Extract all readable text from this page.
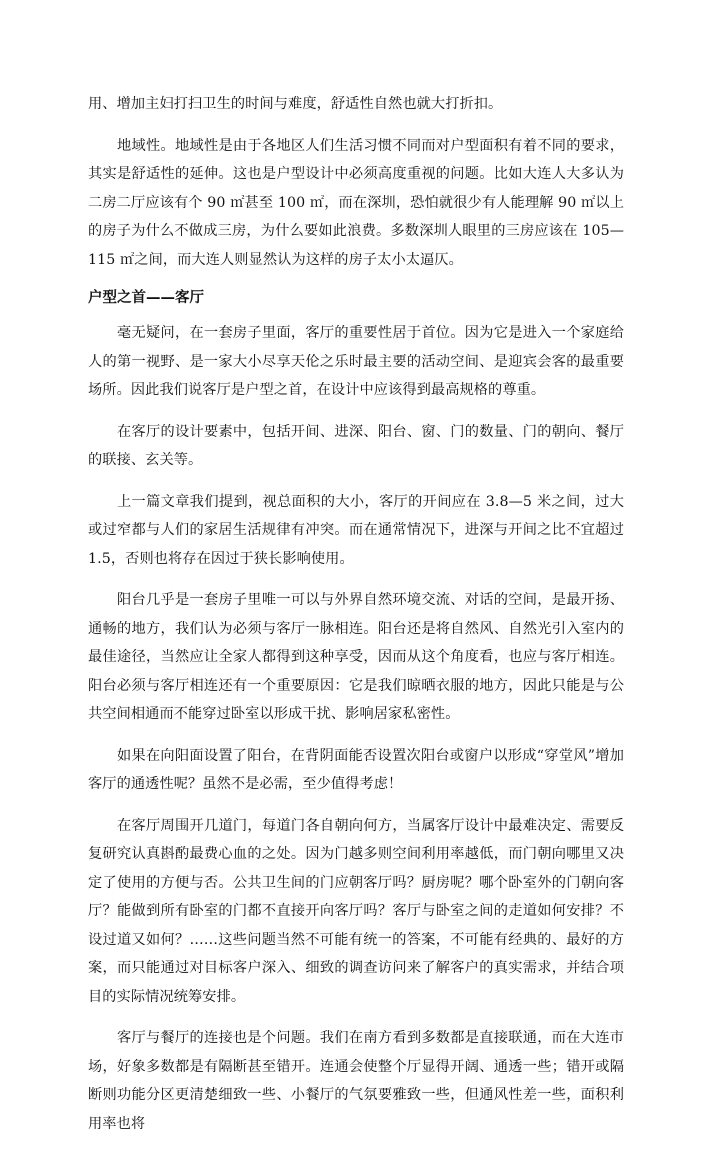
用、增加主妇打扫卫生的时间与难度，舒适性自然也就大打折扣。

地域性。地域性是由于各地区人们生活习惯不同而对户型面积有着不同的要求，其实是舒适性的延伸。这也是户型设计中必须高度重视的问题。比如大连人大多认为二房二厅应该有个 90 ㎡甚至 100 ㎡，而在深圳，恐怕就很少有人能理解 90 ㎡以上的房子为什么不做成三房，为什么要如此浪费。多数深圳人眼里的三房应该在 105—115 ㎡之间，而大连人则显然认为这样的房子太小太逼仄。

户型之首——客厅

毫无疑问，在一套房子里面，客厅的重要性居于首位。因为它是进入一个家庭给人的第一视野、是一家大小尽享天伦之乐时最主要的活动空间、是迎宾会客的最重要场所。因此我们说客厅是户型之首，在设计中应该得到最高规格的尊重。

在客厅的设计要素中，包括开间、进深、阳台、窗、门的数量、门的朝向、餐厅的联接、玄关等。

上一篇文章我们提到，视总面积的大小，客厅的开间应在 3.8—5 米之间，过大或过窄都与人们的家居生活规律有冲突。而在通常情况下，进深与开间之比不宜超过 1.5，否则也将存在因过于狭长影响使用。

阳台几乎是一套房子里唯一可以与外界自然环境交流、对话的空间，是最开扬、通畅的地方，我们认为必须与客厅一脉相连。阳台还是将自然风、自然光引入室内的最佳途径，当然应让全家人都得到这种享受，因而从这个角度看，也应与客厅相连。阳台必须与客厅相连还有一个重要原因：它是我们晾晒衣服的地方，因此只能是与公共空间相通而不能穿过卧室以形成干扰、影响居家私密性。

如果在向阳面设置了阳台，在背阴面能否设置次阳台或窗户以形成“穿堂风”增加客厅的通透性呢？虽然不是必需，至少值得考虑！

在客厅周围开几道门，每道门各自朝向何方，当属客厅设计中最难决定、需要反复研究认真斟酌最费心血的之处。因为门越多则空间利用率越低，而门朝向哪里又决定了使用的方便与否。公共卫生间的门应朝客厅吗？厨房呢？哪个卧室外的门朝向客厅？能做到所有卧室的门都不直接开向客厅吗？客厅与卧室之间的走道如何安排？不设过道又如何？……这些问题当然不可能有统一的答案，不可能有经典的、最好的方案，而只能通过对目标客户深入、细致的调查访问来了解客户的真实需求，并结合项目的实际情况统筹安排。

客厅与餐厅的连接也是个问题。我们在南方看到多数都是直接联通，而在大连市场，好象多数都是有隔断甚至错开。连通会使整个厅显得开阔、通透一些；错开或隔断则功能分区更清楚细致一些、小餐厅的气氛要雅致一些，但通风性差一些，面积利用率也将
